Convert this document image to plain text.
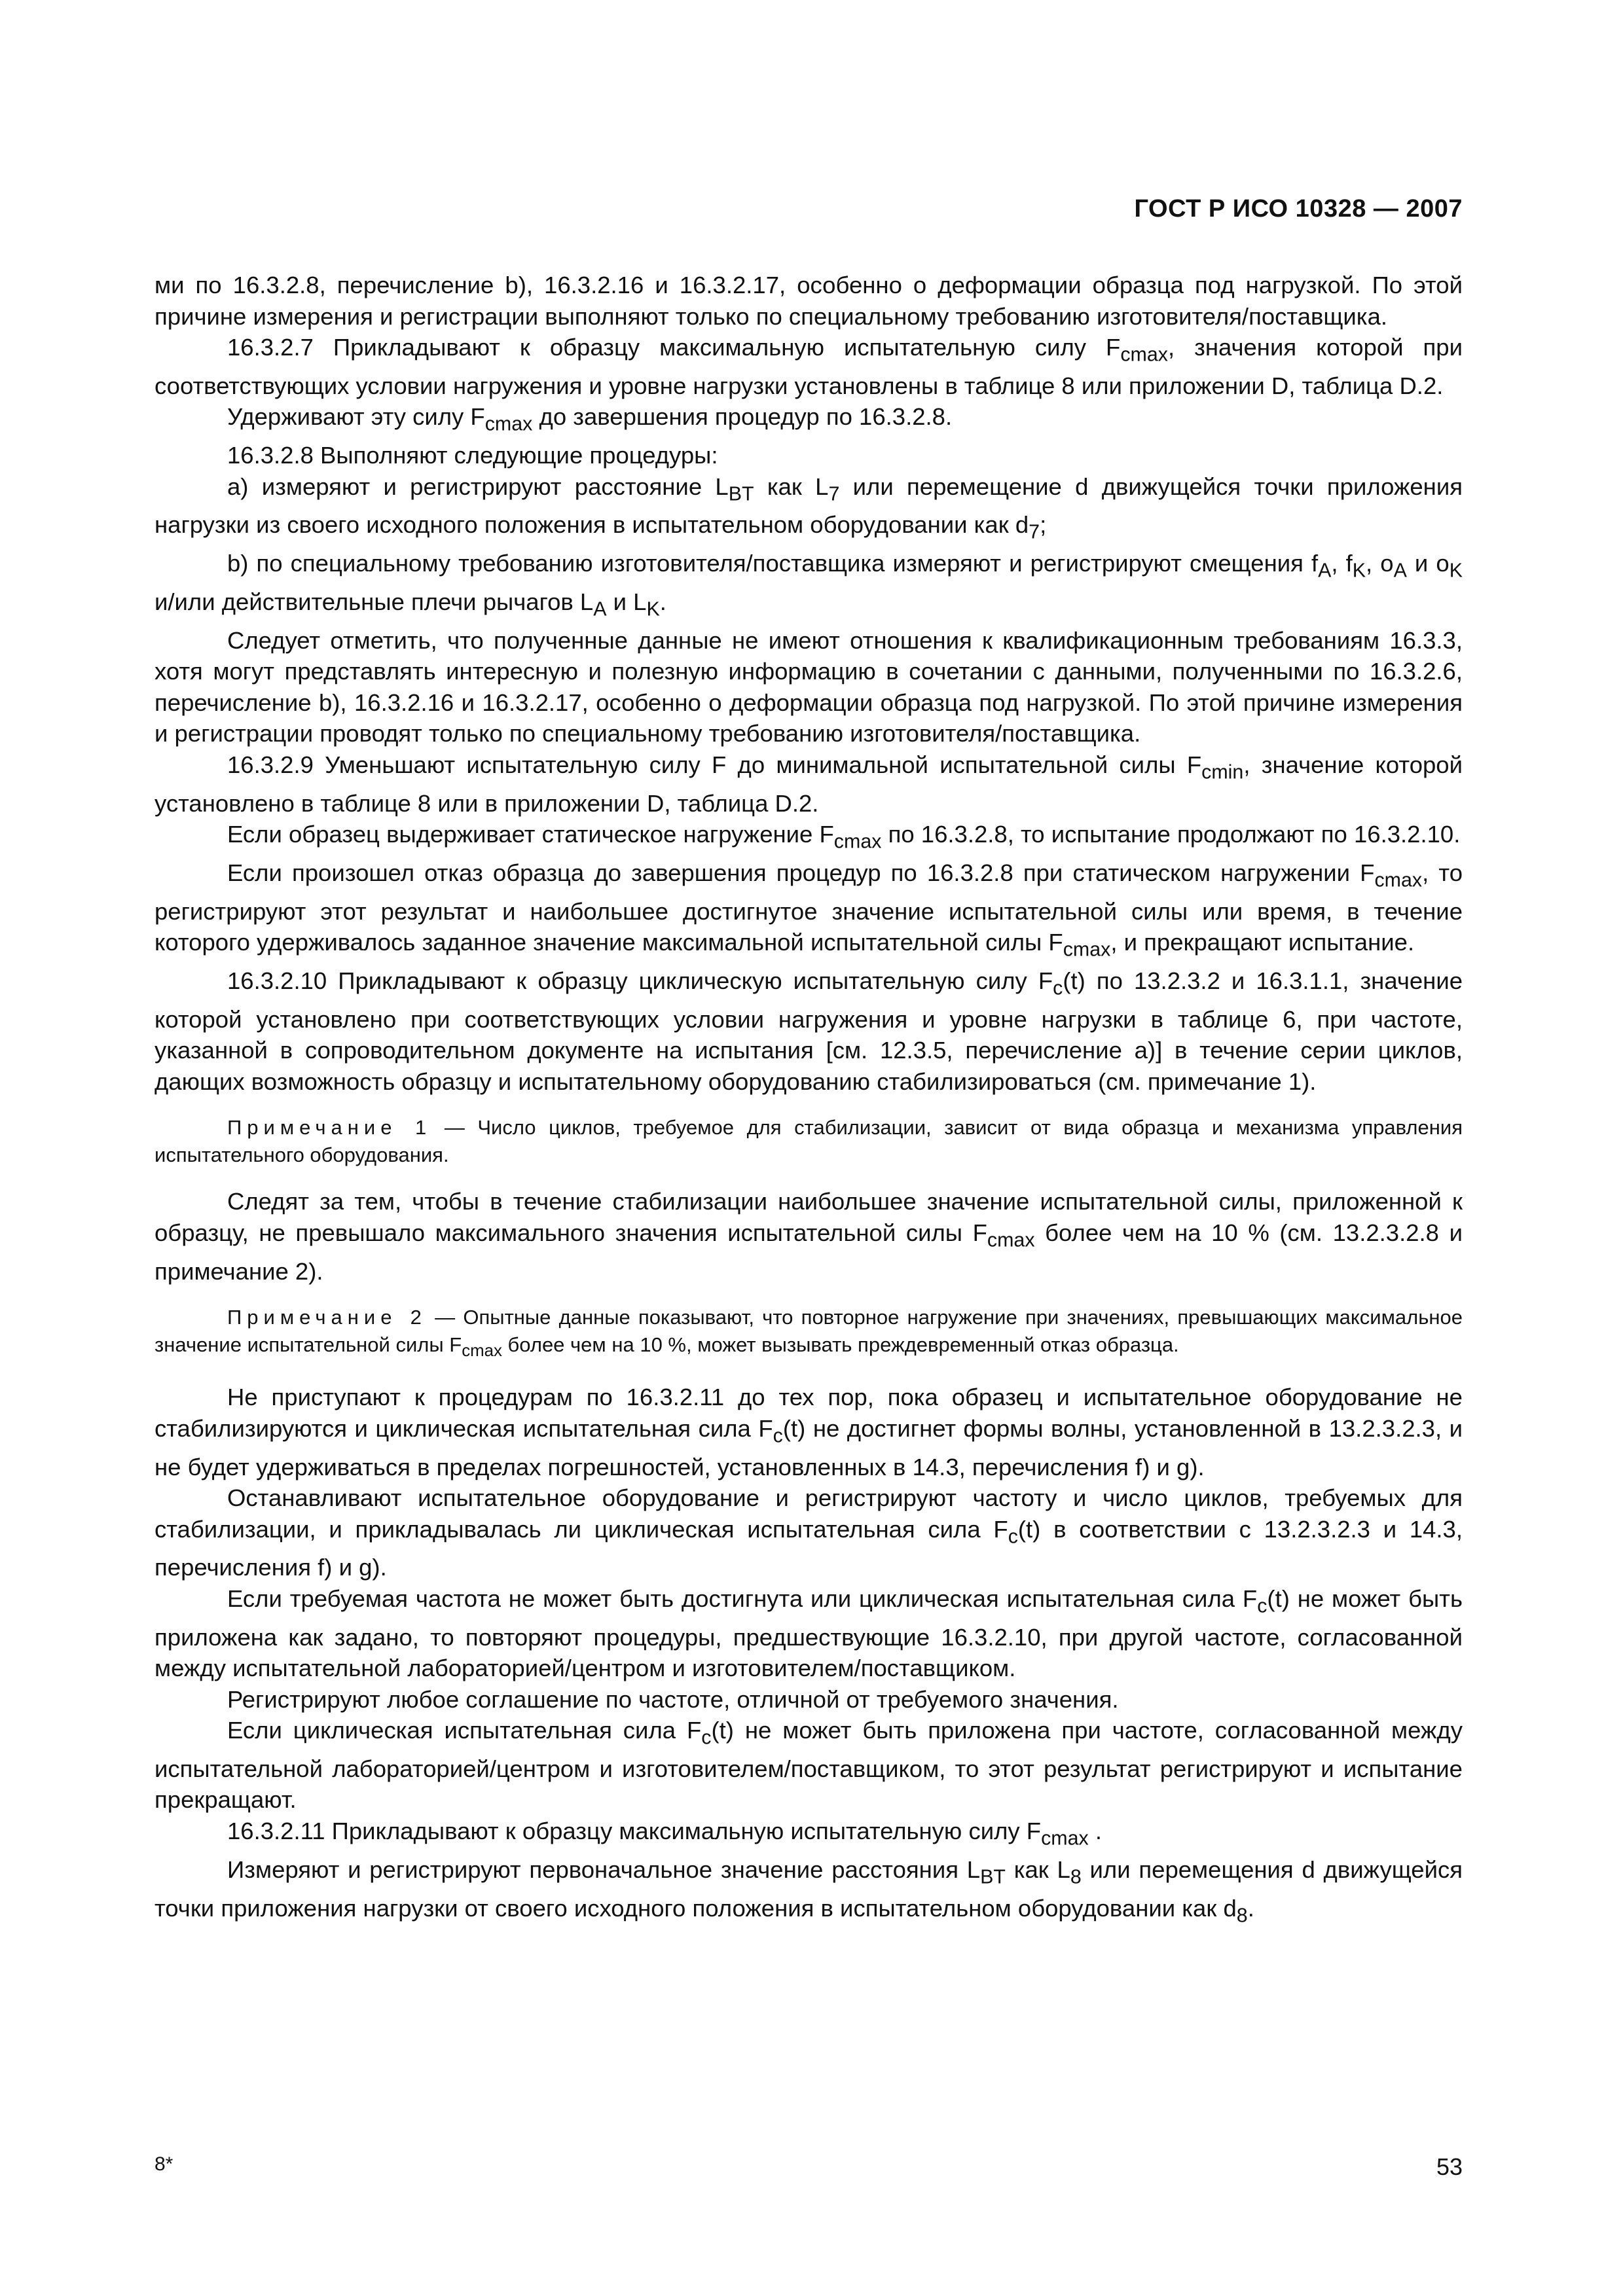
ГОСТ Р ИСО 10328 — 2007

ми по 16.3.2.8, перечисление b), 16.3.2.16 и 16.3.2.17, особенно о деформации образца под нагрузкой. По этой причине измерения и регистрации выполняют только по специальному требованию изготовителя/поставщика.

16.3.2.7 Прикладывают к образцу максимальную испытательную силу $F_{cmax}$, значения которой при соответствующих условии нагружения и уровне нагрузки установлены в таблице 8 или приложении D, таблица D.2.

Удерживают эту силу $F_{cmax}$ до завершения процедур по 16.3.2.8.

16.3.2.8 Выполняют следующие процедуры:

a) измеряют и регистрируют расстояние $L_{BT}$ как $L_7$ или перемещение d движущейся точки приложения нагрузки из своего исходного положения в испытательном оборудовании как $d_7$;

b) по специальному требованию изготовителя/поставщика измеряют и регистрируют смещения $f_A$, $f_K$, $o_A$ и $o_K$ и/или действительные плечи рычагов $L_A$ и $L_K$.

Следует отметить, что полученные данные не имеют отношения к квалификационным требованиям 16.3.3, хотя могут представлять интересную и полезную информацию в сочетании с данными, полученными по 16.3.2.6, перечисление b), 16.3.2.16 и 16.3.2.17, особенно о деформации образца под нагрузкой. По этой причине измерения и регистрации проводят только по специальному требованию изготовителя/поставщика.

16.3.2.9 Уменьшают испытательную силу F до минимальной испытательной силы $F_{cmin}$, значение которой установлено в таблице 8 или в приложении D, таблица D.2.

Если образец выдерживает статическое нагружение $F_{cmax}$ по 16.3.2.8, то испытание продолжают по 16.3.2.10.

Если произошел отказ образца до завершения процедур по 16.3.2.8 при статическом нагружении $F_{cmax}$, то регистрируют этот результат и наибольшее достигнутое значение испытательной силы или время, в течение которого удерживалось заданное значение максимальной испытательной силы $F_{cmax}$, и прекращают испытание.

16.3.2.10 Прикладывают к образцу циклическую испытательную силу $F_c(t)$ по 13.2.3.2 и 16.3.1.1, значение которой установлено при соответствующих условии нагружения и уровне нагрузки в таблице 6, при частоте, указанной в сопроводительном документе на испытания [см. 12.3.5, перечисление a)] в течение серии циклов, дающих возможность образцу и испытательному оборудованию стабилизироваться (см. примечание 1).

Примечание 1 — Число циклов, требуемое для стабилизации, зависит от вида образца и механизма управления испытательного оборудования.

Следят за тем, чтобы в течение стабилизации наибольшее значение испытательной силы, приложенной к образцу, не превышало максимального значения испытательной силы $F_{cmax}$ более чем на 10 % (см. 13.2.3.2.8 и примечание 2).

Примечание 2 — Опытные данные показывают, что повторное нагружение при значениях, превышающих максимальное значение испытательной силы $F_{cmax}$ более чем на 10 %, может вызывать преждевременный отказ образца.

Не приступают к процедурам по 16.3.2.11 до тех пор, пока образец и испытательное оборудование не стабилизируются и циклическая испытательная сила $F_c(t)$ не достигнет формы волны, установленной в 13.2.3.2.3, и не будет удерживаться в пределах погрешностей, установленных в 14.3, перечисления f) и g).

Останавливают испытательное оборудование и регистрируют частоту и число циклов, требуемых для стабилизации, и прикладывалась ли циклическая испытательная сила $F_c(t)$ в соответствии с 13.2.3.2.3 и 14.3, перечисления f) и g).

Если требуемая частота не может быть достигнута или циклическая испытательная сила $F_c(t)$ не может быть приложена как задано, то повторяют процедуры, предшествующие 16.3.2.10, при другой частоте, согласованной между испытательной лабораторией/центром и изготовителем/поставщиком.

Регистрируют любое соглашение по частоте, отличной от требуемого значения.

Если циклическая испытательная сила $F_c(t)$ не может быть приложена при частоте, согласованной между испытательной лабораторией/центром и изготовителем/поставщиком, то этот результат регистрируют и испытание прекращают.

16.3.2.11 Прикладывают к образцу максимальную испытательную силу $F_{cmax}$ .

Измеряют и регистрируют первоначальное значение расстояния $L_{BT}$ как $L_8$ или перемещения d движущейся точки приложения нагрузки от своего исходного положения в испытательном оборудовании как $d_8$.

8*	53
